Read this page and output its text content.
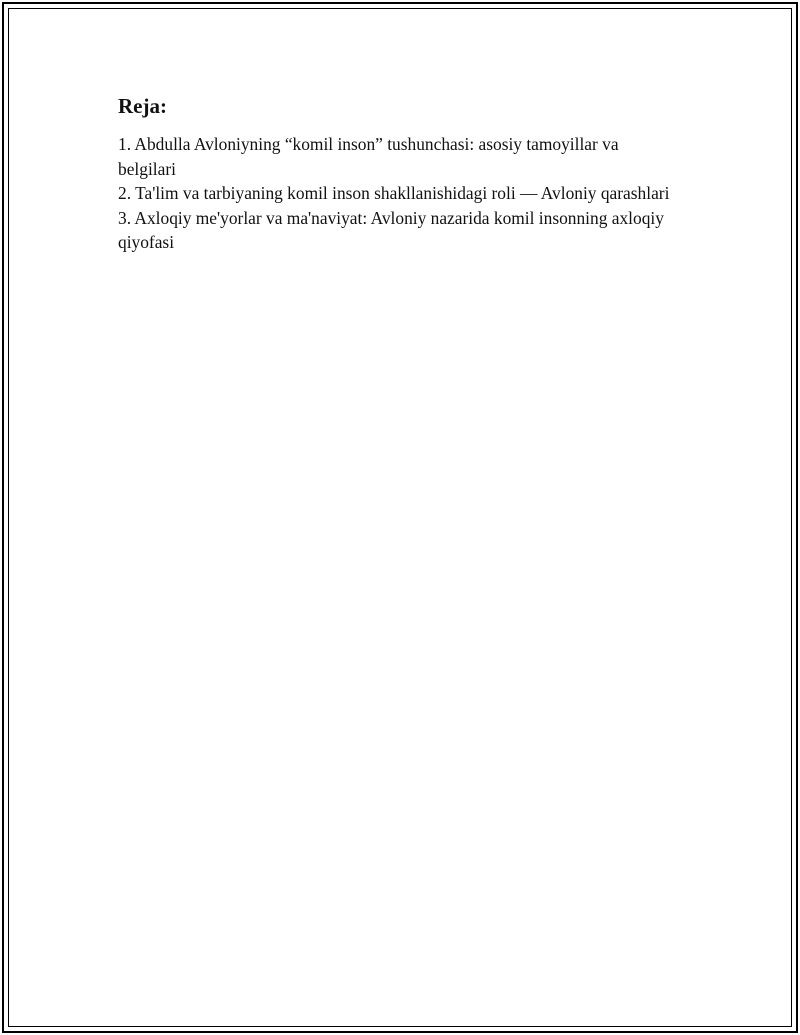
Reja:
1. Abdulla Avloniyning “komil inson” tushunchasi: asosiy tamoyillar va belgilari
2. Ta'lim va tarbiyaning komil inson shakllanishidagi roli — Avloniy qarashlari
3. Axloqiy me'yorlar va ma'naviyat: Avloniy nazarida komil insonning axloqiy qiyofasi
